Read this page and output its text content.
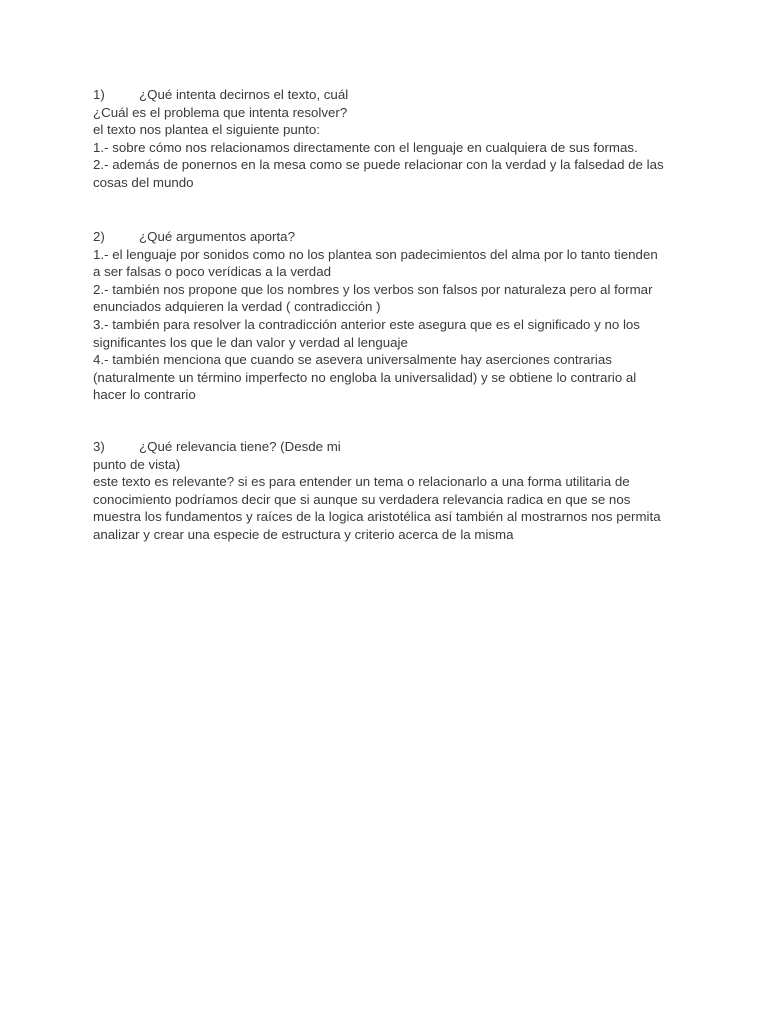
1)	¿Qué intenta decirnos el texto, cuál
¿Cuál es el problema que intenta resolver?
el texto nos plantea el siguiente punto:
1.- sobre cómo nos relacionamos directamente con el lenguaje en cualquiera de sus formas.
2.- además de ponernos en la mesa como se puede relacionar con la verdad y la falsedad de las
cosas del mundo
2)	¿Qué argumentos aporta?
1.- el lenguaje por sonidos como no los plantea son padecimientos del alma por lo tanto tienden
a ser falsas o poco verídicas a la verdad
2.- también nos propone que los nombres y los verbos son falsos por naturaleza pero al formar
enunciados adquieren la verdad ( contradicción )
3.- también para resolver la contradicción anterior este asegura que es el significado y no los
significantes los que le dan valor y verdad al lenguaje
4.- también menciona que cuando se asevera universalmente hay aserciones contrarias
(naturalmente un término imperfecto no engloba la universalidad) y se obtiene lo contrario al
hacer lo contrario
3)	¿Qué relevancia tiene? (Desde mi
punto de vista)
este texto es relevante? si es para entender un tema o relacionarlo a una forma utilitaria de
conocimiento podríamos decir que si aunque su verdadera relevancia radica en que se nos
muestra los fundamentos y raíces de la logica aristotélica así también al mostrarnos nos permita
analizar y crear una especie de estructura y criterio acerca de la misma
